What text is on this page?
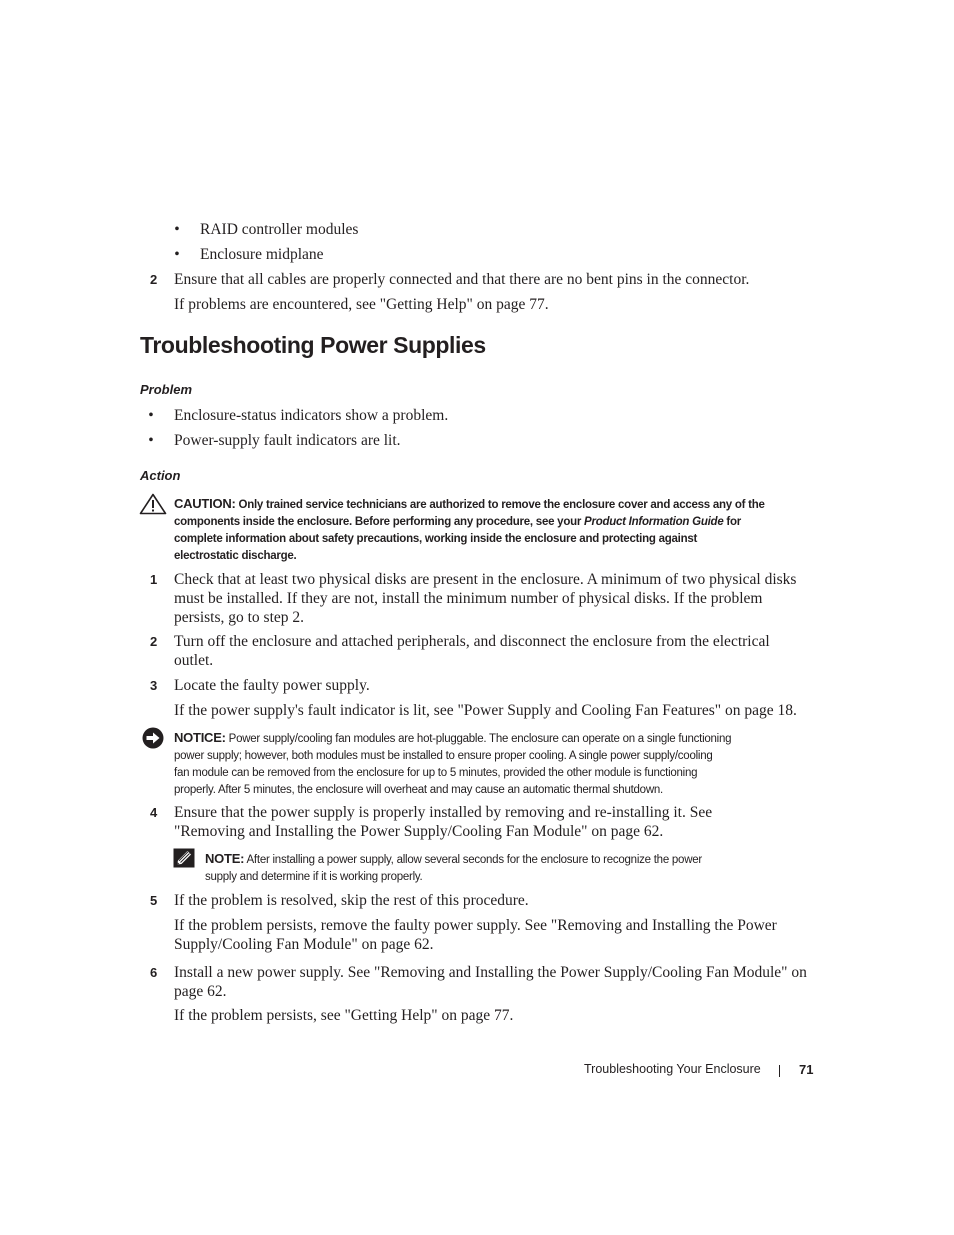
• RAID controller modules
• Enclosure midplane
2	Ensure that all cables are properly connected and that there are no bent pins in the connector.
If problems are encountered, see "Getting Help" on page 77.
Troubleshooting Power Supplies

Problem

• Enclosure-status indicators show a problem.
• Power-supply fault indicators are lit.

Action

CAUTION: Only trained service technicians are authorized to remove the enclosure cover and access any of the
components inside the enclosure. Before performing any procedure, see your Product Information Guide for
complete information about safety precautions, working inside the enclosure and protecting against
electrostatic discharge.
1	Check that at least two physical disks are present in the enclosure. A minimum of two physical disks
must be installed. If they are not, install the minimum number of physical disks. If the problem
persists, go to step 2.
2	Turn off the enclosure and attached peripherals, and disconnect the enclosure from the electrical
outlet.
3	Locate the faulty power supply.
If the power supply's fault indicator is lit, see "Power Supply and Cooling Fan Features" on page 18.
NOTICE: Power supply/cooling fan modules are hot-pluggable. The enclosure can operate on a single functioning
power supply; however, both modules must be installed to ensure proper cooling. A single power supply/cooling
fan module can be removed from the enclosure for up to 5 minutes, provided the other module is functioning
properly. After 5 minutes, the enclosure will overheat and may cause an automatic thermal shutdown.
4	Ensure that the power supply is properly installed by removing and re-installing it. See
"Removing and Installing the Power Supply/Cooling Fan Module" on page 62.
NOTE: After installing a power supply, allow several seconds for the enclosure to recognize the power
supply and determine if it is working properly.
5	If the problem is resolved, skip the rest of this procedure.
If the problem persists, remove the faulty power supply. See "Removing and Installing the Power
Supply/Cooling Fan Module" on page 62.
6	Install a new power supply. See "Removing and Installing the Power Supply/Cooling Fan Module" on
page 62.
If the problem persists, see "Getting Help" on page 77.
Troubleshooting Your Enclosure	71
